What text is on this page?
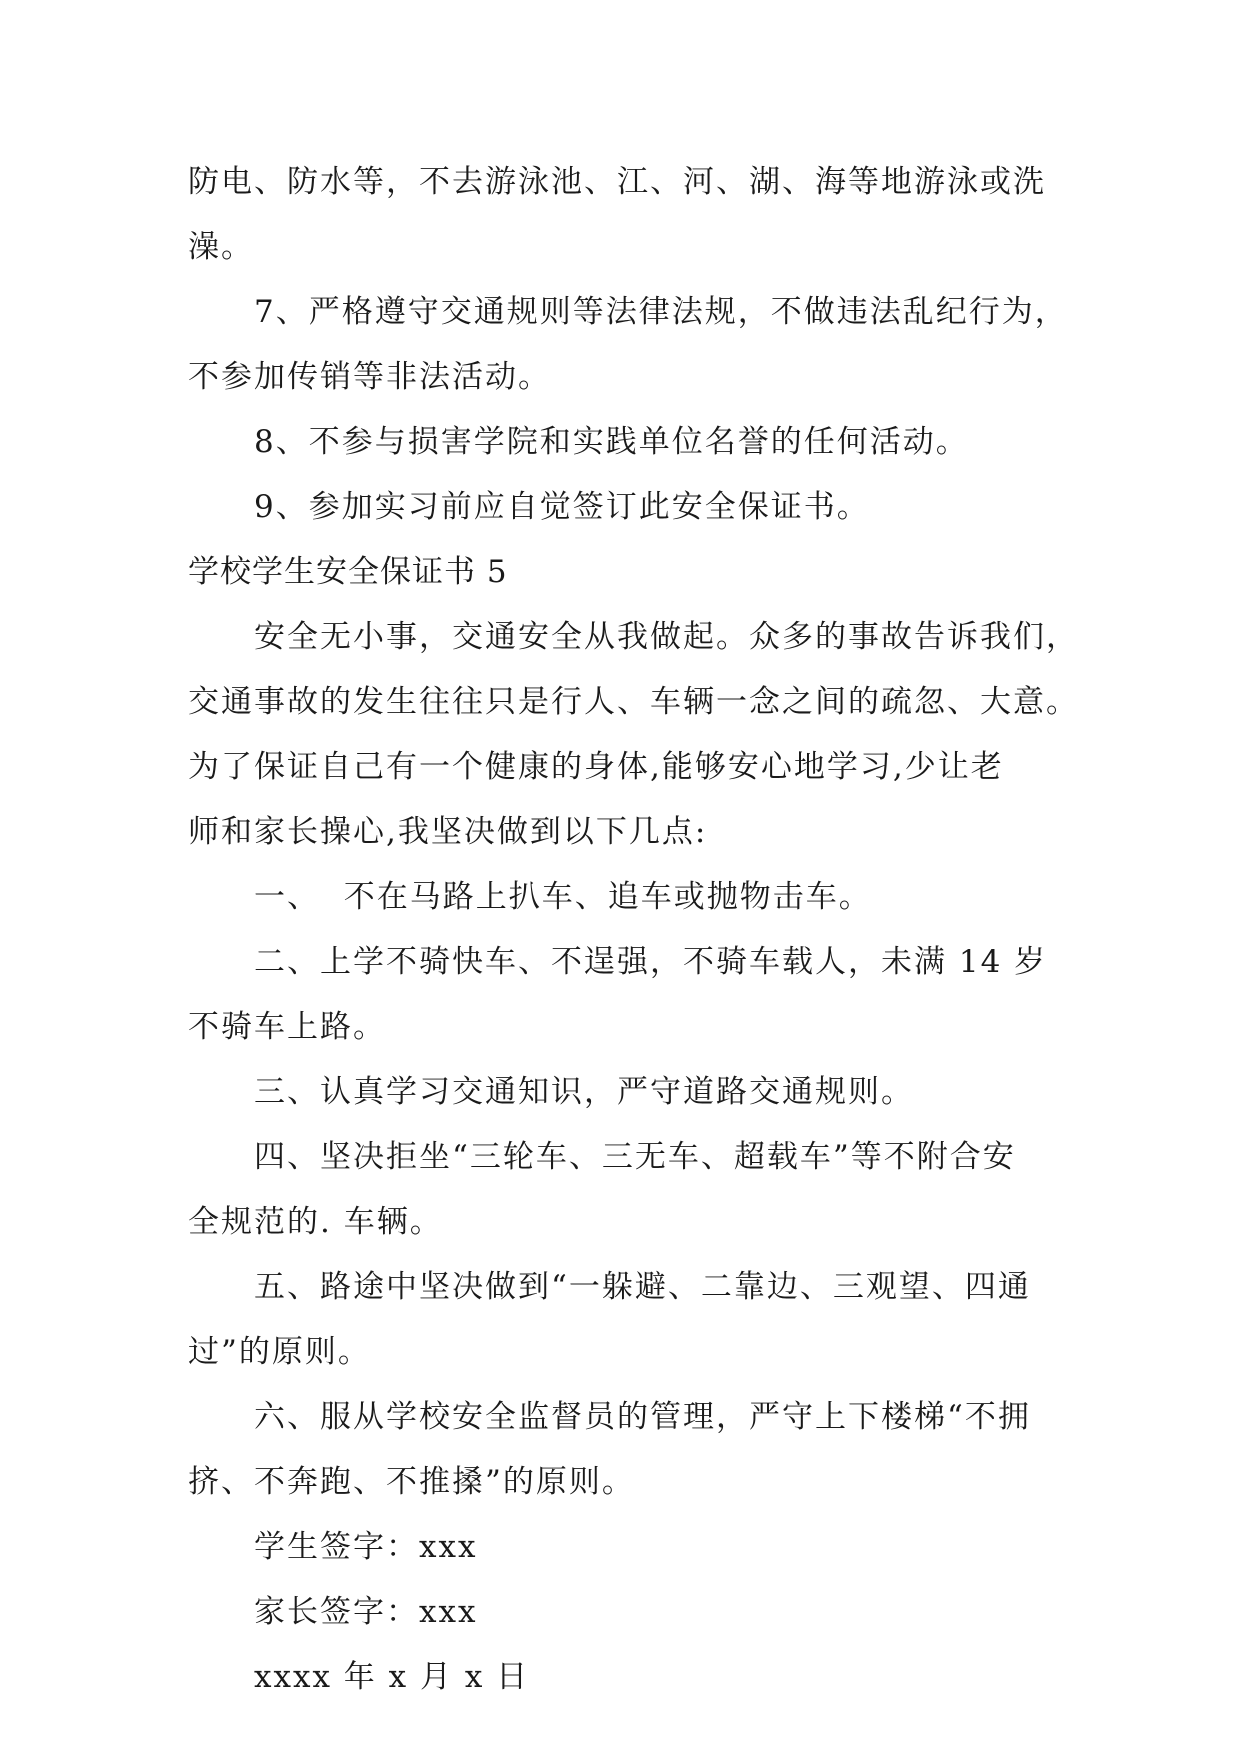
防电、防水等，不去游泳池、江、河、湖、海等地游泳或洗
澡。
7、严格遵守交通规则等法律法规，不做违法乱纪行为，
不参加传销等非法活动。
8、不参与损害学院和实践单位名誉的任何活动。
9、参加实习前应自觉签订此安全保证书。
学校学生安全保证书 5
安全无小事，交通安全从我做起。众多的事故告诉我们，
交通事故的发生往往只是行人、车辆一念之间的疏忽、大意。
为了保证自己有一个健康的身体,能够安心地学习,少让老
师和家长操心,我坚决做到以下几点:
一、  不在马路上扒车、追车或抛物击车。
二、上学不骑快车、不逞强，不骑车载人，未满 14 岁
不骑车上路。
三、认真学习交通知识，严守道路交通规则。
四、坚决拒坐“三轮车、三无车、超载车”等不附合安
全规范的. 车辆。
五、路途中坚决做到“一躲避、二靠边、三观望、四通
过”的原则。
六、服从学校安全监督员的管理，严守上下楼梯“不拥
挤、不奔跑、不推搡”的原则。
学生签字：xxx
家长签字：xxx
xxxx 年 x 月 x 日
